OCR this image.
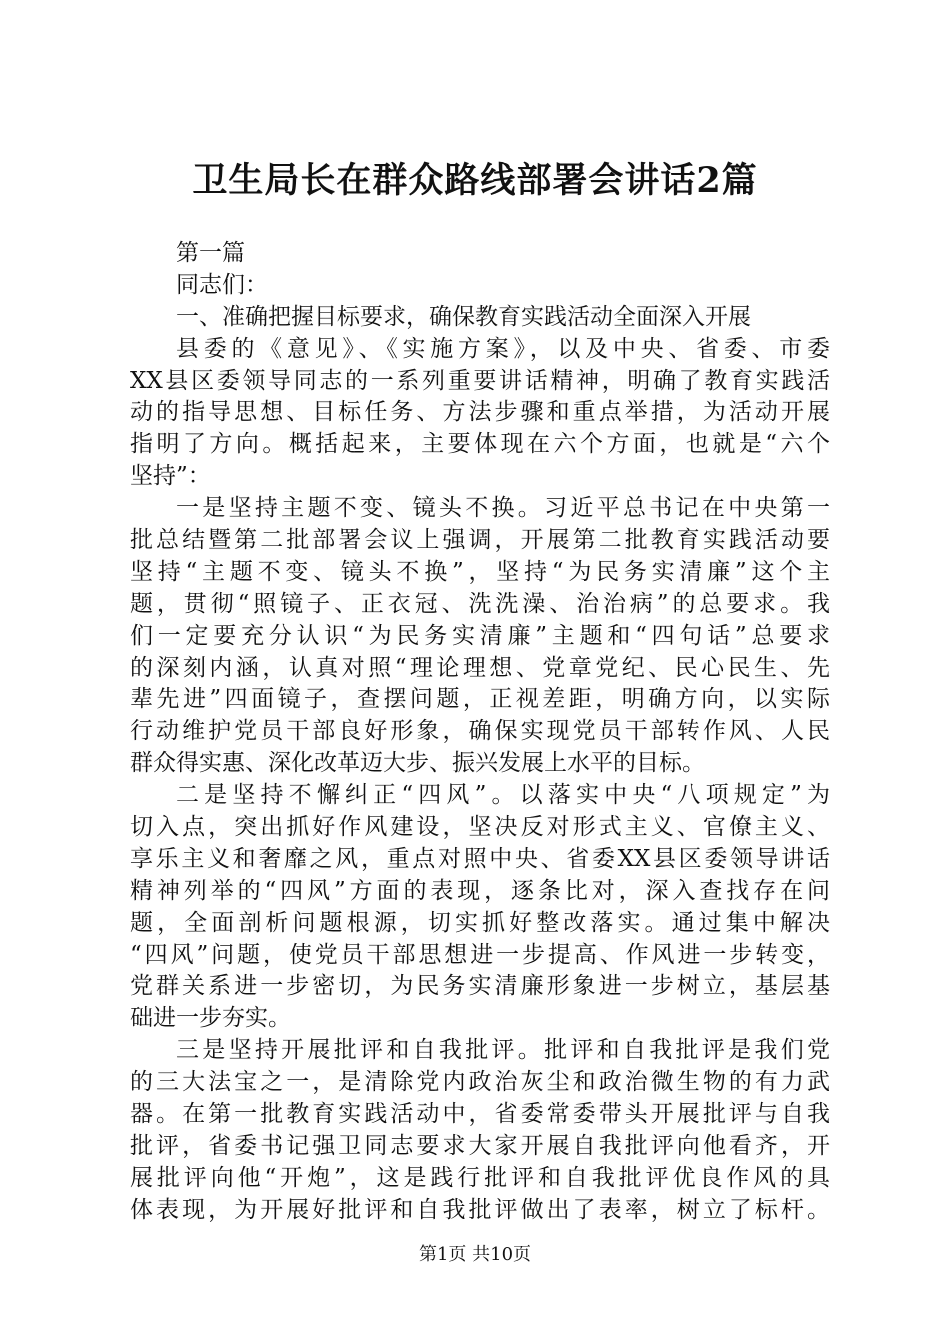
卫生局长在群众路线部署会讲话2篇
第一篇
同志们：
一、准确把握目标要求，确保教育实践活动全面深入开展
县委的《意见》、《实施方案》，以及中央、省委、市委
XX县区委领导同志的一系列重要讲话精神，明确了教育实践活
动的指导思想、目标任务、方法步骤和重点举措，为活动开展
指明了方向。概括起来，主要体现在六个方面，也就是“六个
坚持”：
一是坚持主题不变、镜头不换。习近平总书记在中央第一
批总结暨第二批部署会议上强调，开展第二批教育实践活动要
坚持“主题不变、镜头不换”，坚持“为民务实清廉”这个主
题，贯彻“照镜子、正衣冠、洗洗澡、治治病”的总要求。我
们一定要充分认识“为民务实清廉”主题和“四句话”总要求
的深刻内涵，认真对照“理论理想、党章党纪、民心民生、先
辈先进”四面镜子，查摆问题，正视差距，明确方向，以实际
行动维护党员干部良好形象，确保实现党员干部转作风、人民
群众得实惠、深化改革迈大步、振兴发展上水平的目标。
二是坚持不懈纠正“四风”。以落实中央“八项规定”为
切入点，突出抓好作风建设，坚决反对形式主义、官僚主义、
享乐主义和奢靡之风，重点对照中央、省委XX县区委领导讲话
精神列举的“四风”方面的表现，逐条比对，深入查找存在问
题，全面剖析问题根源，切实抓好整改落实。通过集中解决
“四风”问题，使党员干部思想进一步提高、作风进一步转变，
党群关系进一步密切，为民务实清廉形象进一步树立，基层基
础进一步夯实。
三是坚持开展批评和自我批评。批评和自我批评是我们党
的三大法宝之一，是清除党内政治灰尘和政治微生物的有力武
器。在第一批教育实践活动中，省委常委带头开展批评与自我
批评，省委书记强卫同志要求大家开展自我批评向他看齐，开
展批评向他“开炮”，这是践行批评和自我批评优良作风的具
体表现，为开展好批评和自我批评做出了表率，树立了标杆。
第1页 共10页
